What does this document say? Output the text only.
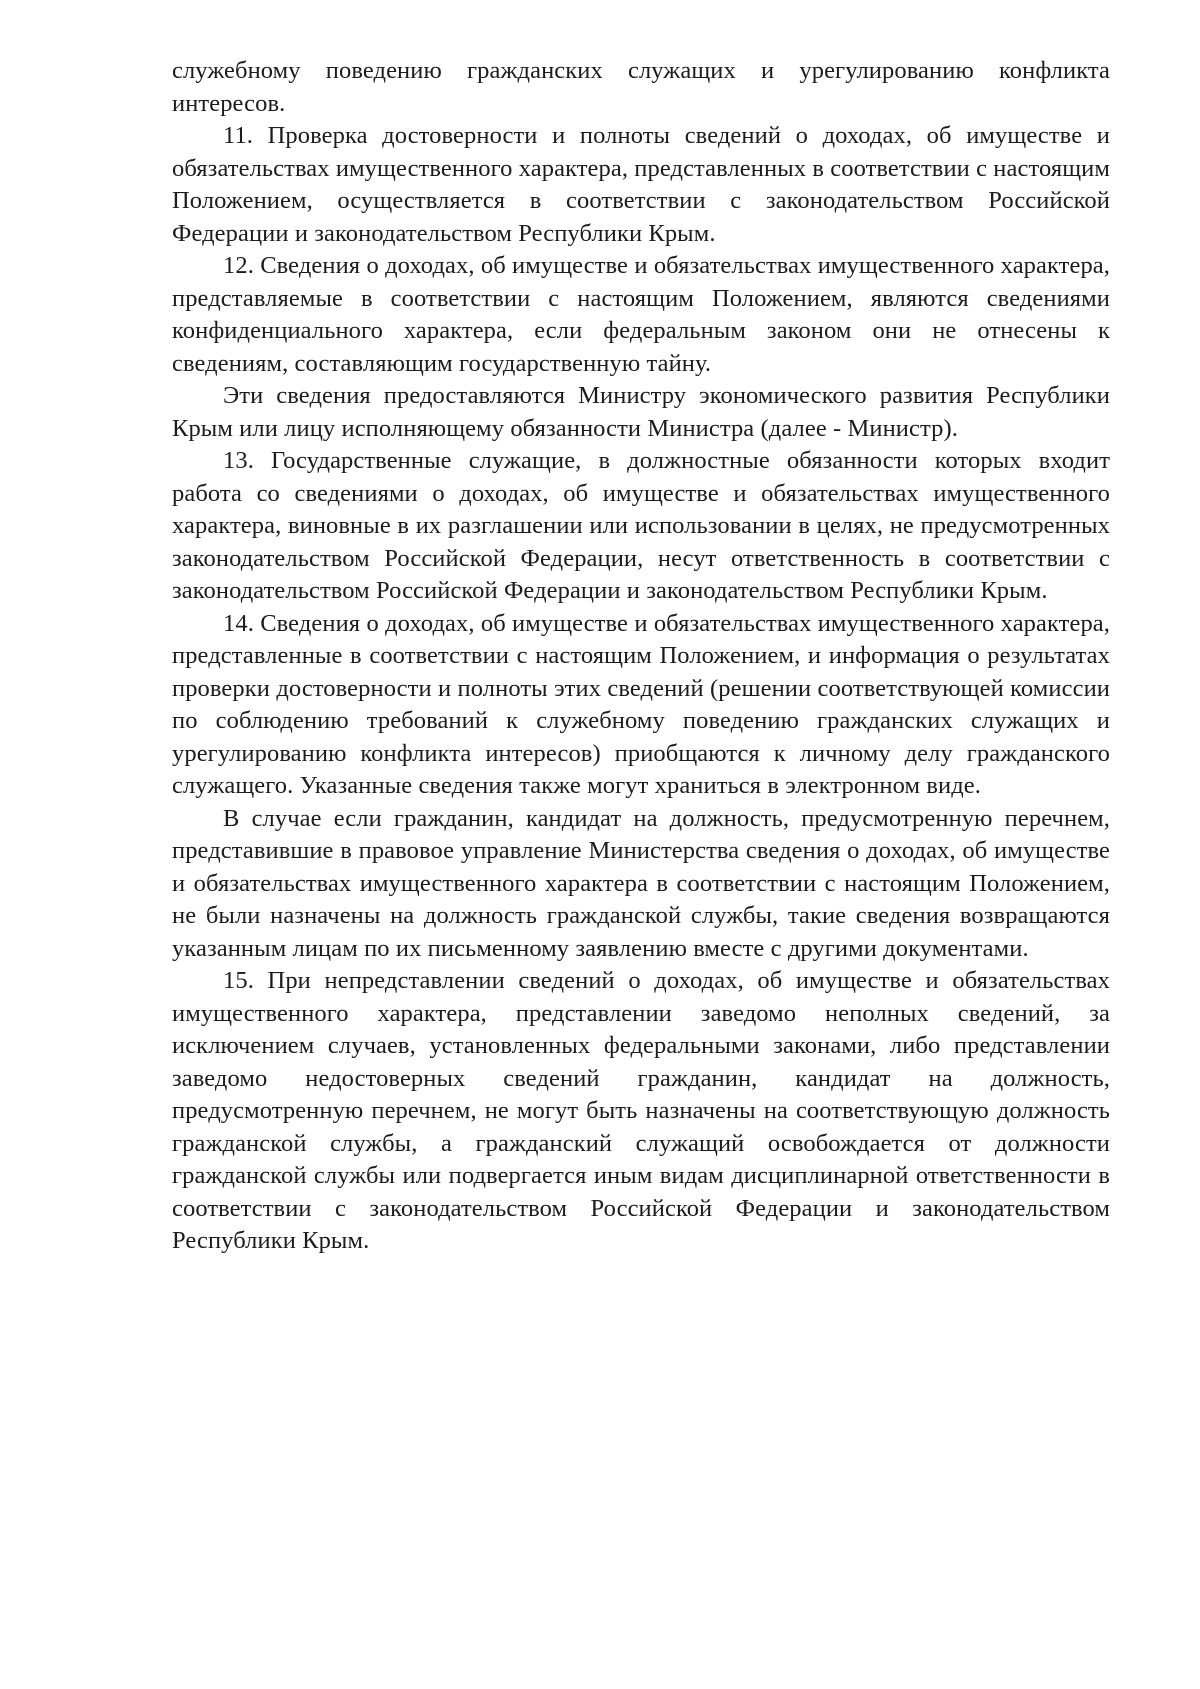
служебному поведению гражданских служащих и урегулированию конфликта интересов.

11. Проверка достоверности и полноты сведений о доходах, об имуществе и обязательствах имущественного характера, представленных в соответствии с настоящим Положением, осуществляется в соответствии с законодательством Российской Федерации и законодательством Республики Крым.

12. Сведения о доходах, об имуществе и обязательствах имущественного характера, представляемые в соответствии с настоящим Положением, являются сведениями конфиденциального характера, если федеральным законом они не отнесены к сведениям, составляющим государственную тайну.

Эти сведения предоставляются Министру экономического развития Республики Крым или лицу исполняющему обязанности Министра (далее - Министр).

13. Государственные служащие, в должностные обязанности которых входит работа со сведениями о доходах, об имуществе и обязательствах имущественного характера, виновные в их разглашении или использовании в целях, не предусмотренных законодательством Российской Федерации, несут ответственность в соответствии с законодательством Российской Федерации и законодательством Республики Крым.

14. Сведения о доходах, об имуществе и обязательствах имущественного характера, представленные в соответствии с настоящим Положением, и информация о результатах проверки достоверности и полноты этих сведений (решении соответствующей комиссии по соблюдению требований к служебному поведению гражданских служащих и урегулированию конфликта интересов) приобщаются к личному делу гражданского служащего. Указанные сведения также могут храниться в электронном виде.

В случае если гражданин, кандидат на должность, предусмотренную перечнем, представившие в правовое управление Министерства сведения о доходах, об имуществе и обязательствах имущественного характера в соответствии с настоящим Положением, не были назначены на должность гражданской службы, такие сведения возвращаются указанным лицам по их письменному заявлению вместе с другими документами.

15. При непредставлении сведений о доходах, об имуществе и обязательствах имущественного характера, представлении заведомо неполных сведений, за исключением случаев, установленных федеральными законами, либо представлении заведомо недостоверных сведений гражданин, кандидат на должность, предусмотренную перечнем, не могут быть назначены на соответствующую должность гражданской службы, а гражданский служащий освобождается от должности гражданской службы или подвергается иным видам дисциплинарной ответственности в соответствии с законодательством Российской Федерации и законодательством Республики Крым.
